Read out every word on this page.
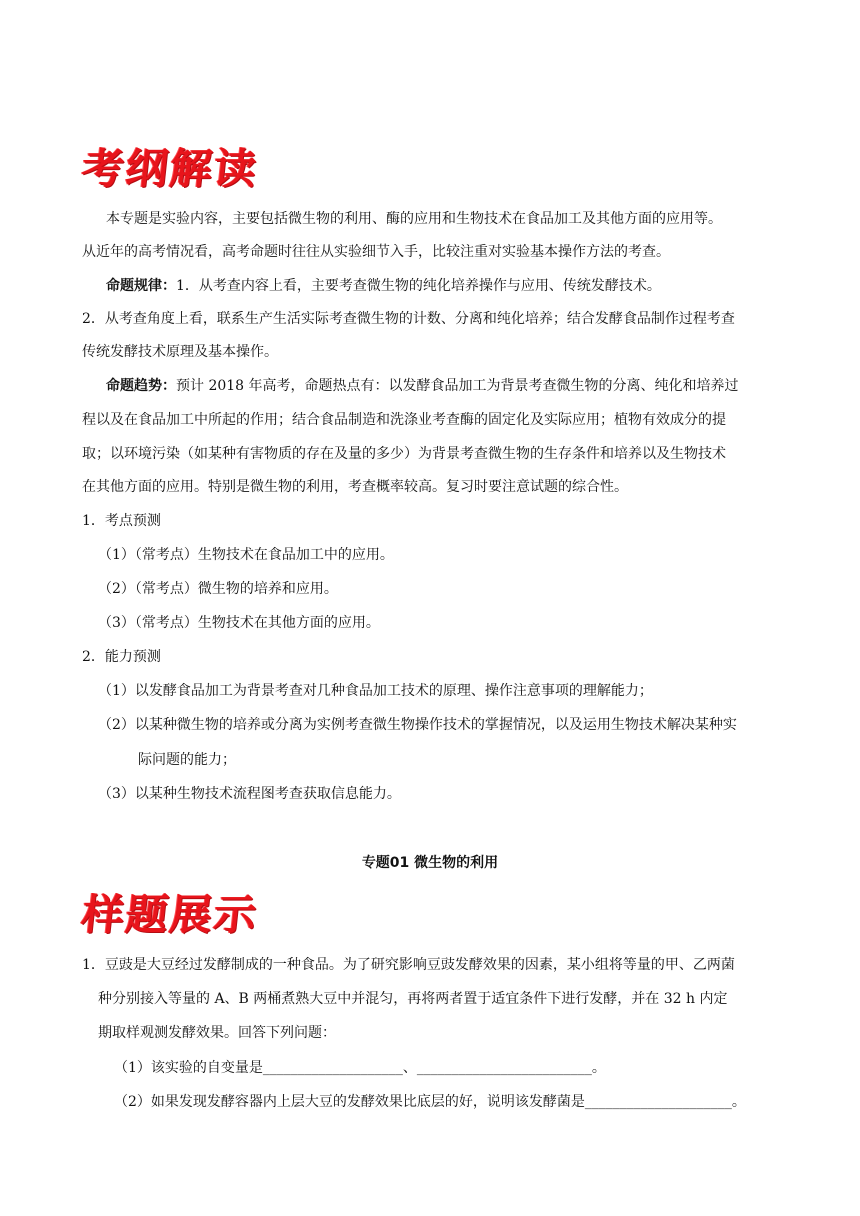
考纲解读
本专题是实验内容，主要包括微生物的利用、酶的应用和生物技术在食品加工及其他方面的应用等。
从近年的高考情况看，高考命题时往往从实验细节入手，比较注重对实验基本操作方法的考查。
命题规律：1．从考查内容上看，主要考查微生物的纯化培养操作与应用、传统发酵技术。
2．从考查角度上看，联系生产生活实际考查微生物的计数、分离和纯化培养；结合发酵食品制作过程考查
传统发酵技术原理及基本操作。
命题趋势：预计 2018 年高考，命题热点有：以发酵食品加工为背景考查微生物的分离、纯化和培养过
程以及在食品加工中所起的作用；结合食品制造和洗涤业考查酶的固定化及实际应用；植物有效成分的提
取；以环境污染（如某种有害物质的存在及量的多少）为背景考查微生物的生存条件和培养以及生物技术
在其他方面的应用。特别是微生物的利用，考查概率较高。复习时要注意试题的综合性。
1．考点预测
（1）（常考点）生物技术在食品加工中的应用。
（2）（常考点）微生物的培养和应用。
（3）（常考点）生物技术在其他方面的应用。
2．能力预测
（1）以发酵食品加工为背景考查对几种食品加工技术的原理、操作注意事项的理解能力；
（2）以某种微生物的培养或分离为实例考查微生物操作技术的掌握情况，以及运用生物技术解决某种实
际问题的能力；
（3）以某种生物技术流程图考查获取信息能力。
专题01 微生物的利用
样题展示
1．豆豉是大豆经过发酵制成的一种食品。为了研究影响豆豉发酵效果的因素，某小组将等量的甲、乙两菌
种分别接入等量的 A、B 两桶煮熟大豆中并混匀，再将两者置于适宜条件下进行发酵，并在 32 h 内定
期取样观测发酵效果。回答下列问题：
（1）该实验的自变量是____________________、_________________________。
（2）如果发现发酵容器内上层大豆的发酵效果比底层的好，说明该发酵菌是_____________________。
